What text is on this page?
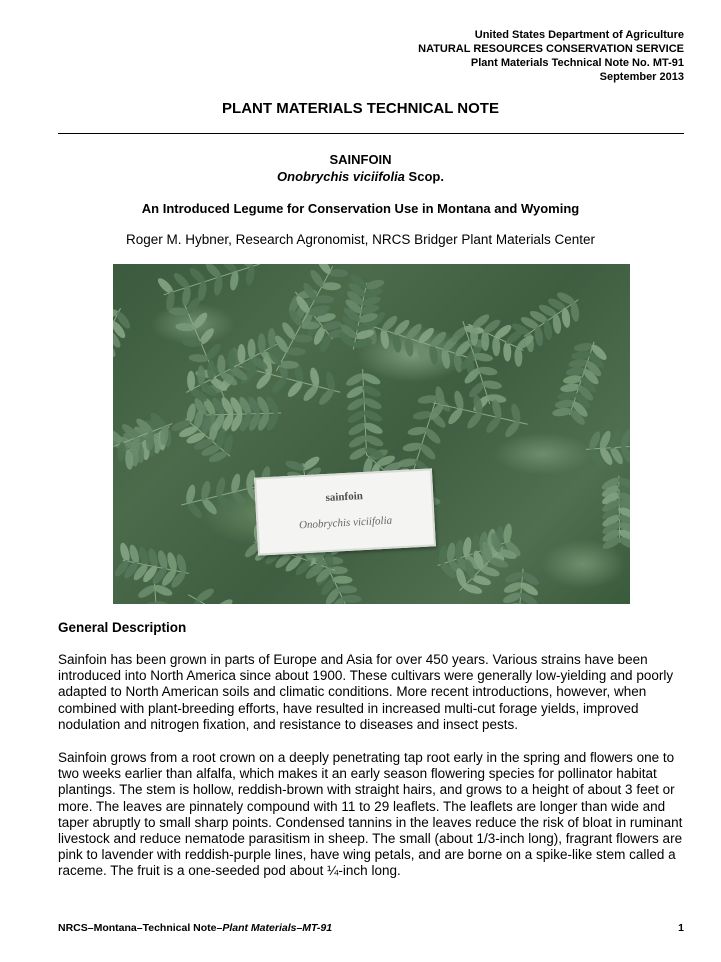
United States Department of Agriculture
NATURAL RESOURCES CONSERVATION SERVICE
Plant Materials Technical Note No. MT-91
September 2013
PLANT MATERIALS TECHNICAL NOTE
SAINFOIN
Onobrychis viciifolia Scop.
An Introduced Legume for Conservation Use in Montana and Wyoming
Roger M. Hybner, Research Agronomist, NRCS Bridger Plant Materials Center
sainfoin
Onobrychis viciifolia
General Description
Sainfoin has been grown in parts of Europe and Asia for over 450 years. Various strains have been introduced into North America since about 1900. These cultivars were generally low-yielding and poorly adapted to North American soils and climatic conditions. More recent introductions, however, when combined with plant-breeding efforts, have resulted in increased multi-cut forage yields, improved nodulation and nitrogen fixation, and resistance to diseases and insect pests.
Sainfoin grows from a root crown on a deeply penetrating tap root early in the spring and flowers one to two weeks earlier than alfalfa, which makes it an early season flowering species for pollinator habitat plantings. The stem is hollow, reddish-brown with straight hairs, and grows to a height of about 3 feet or more. The leaves are pinnately compound with 11 to 29 leaflets. The leaflets are longer than wide and taper abruptly to small sharp points. Condensed tannins in the leaves reduce the risk of bloat in ruminant livestock and reduce nematode parasitism in sheep. The small (about 1/3-inch long), fragrant flowers are pink to lavender with reddish-purple lines, have wing petals, and are borne on a spike-like stem called a raceme. The fruit is a one-seeded pod about ¼-inch long.
NRCS–Montana–Technical Note–Plant Materials–MT-91	1
